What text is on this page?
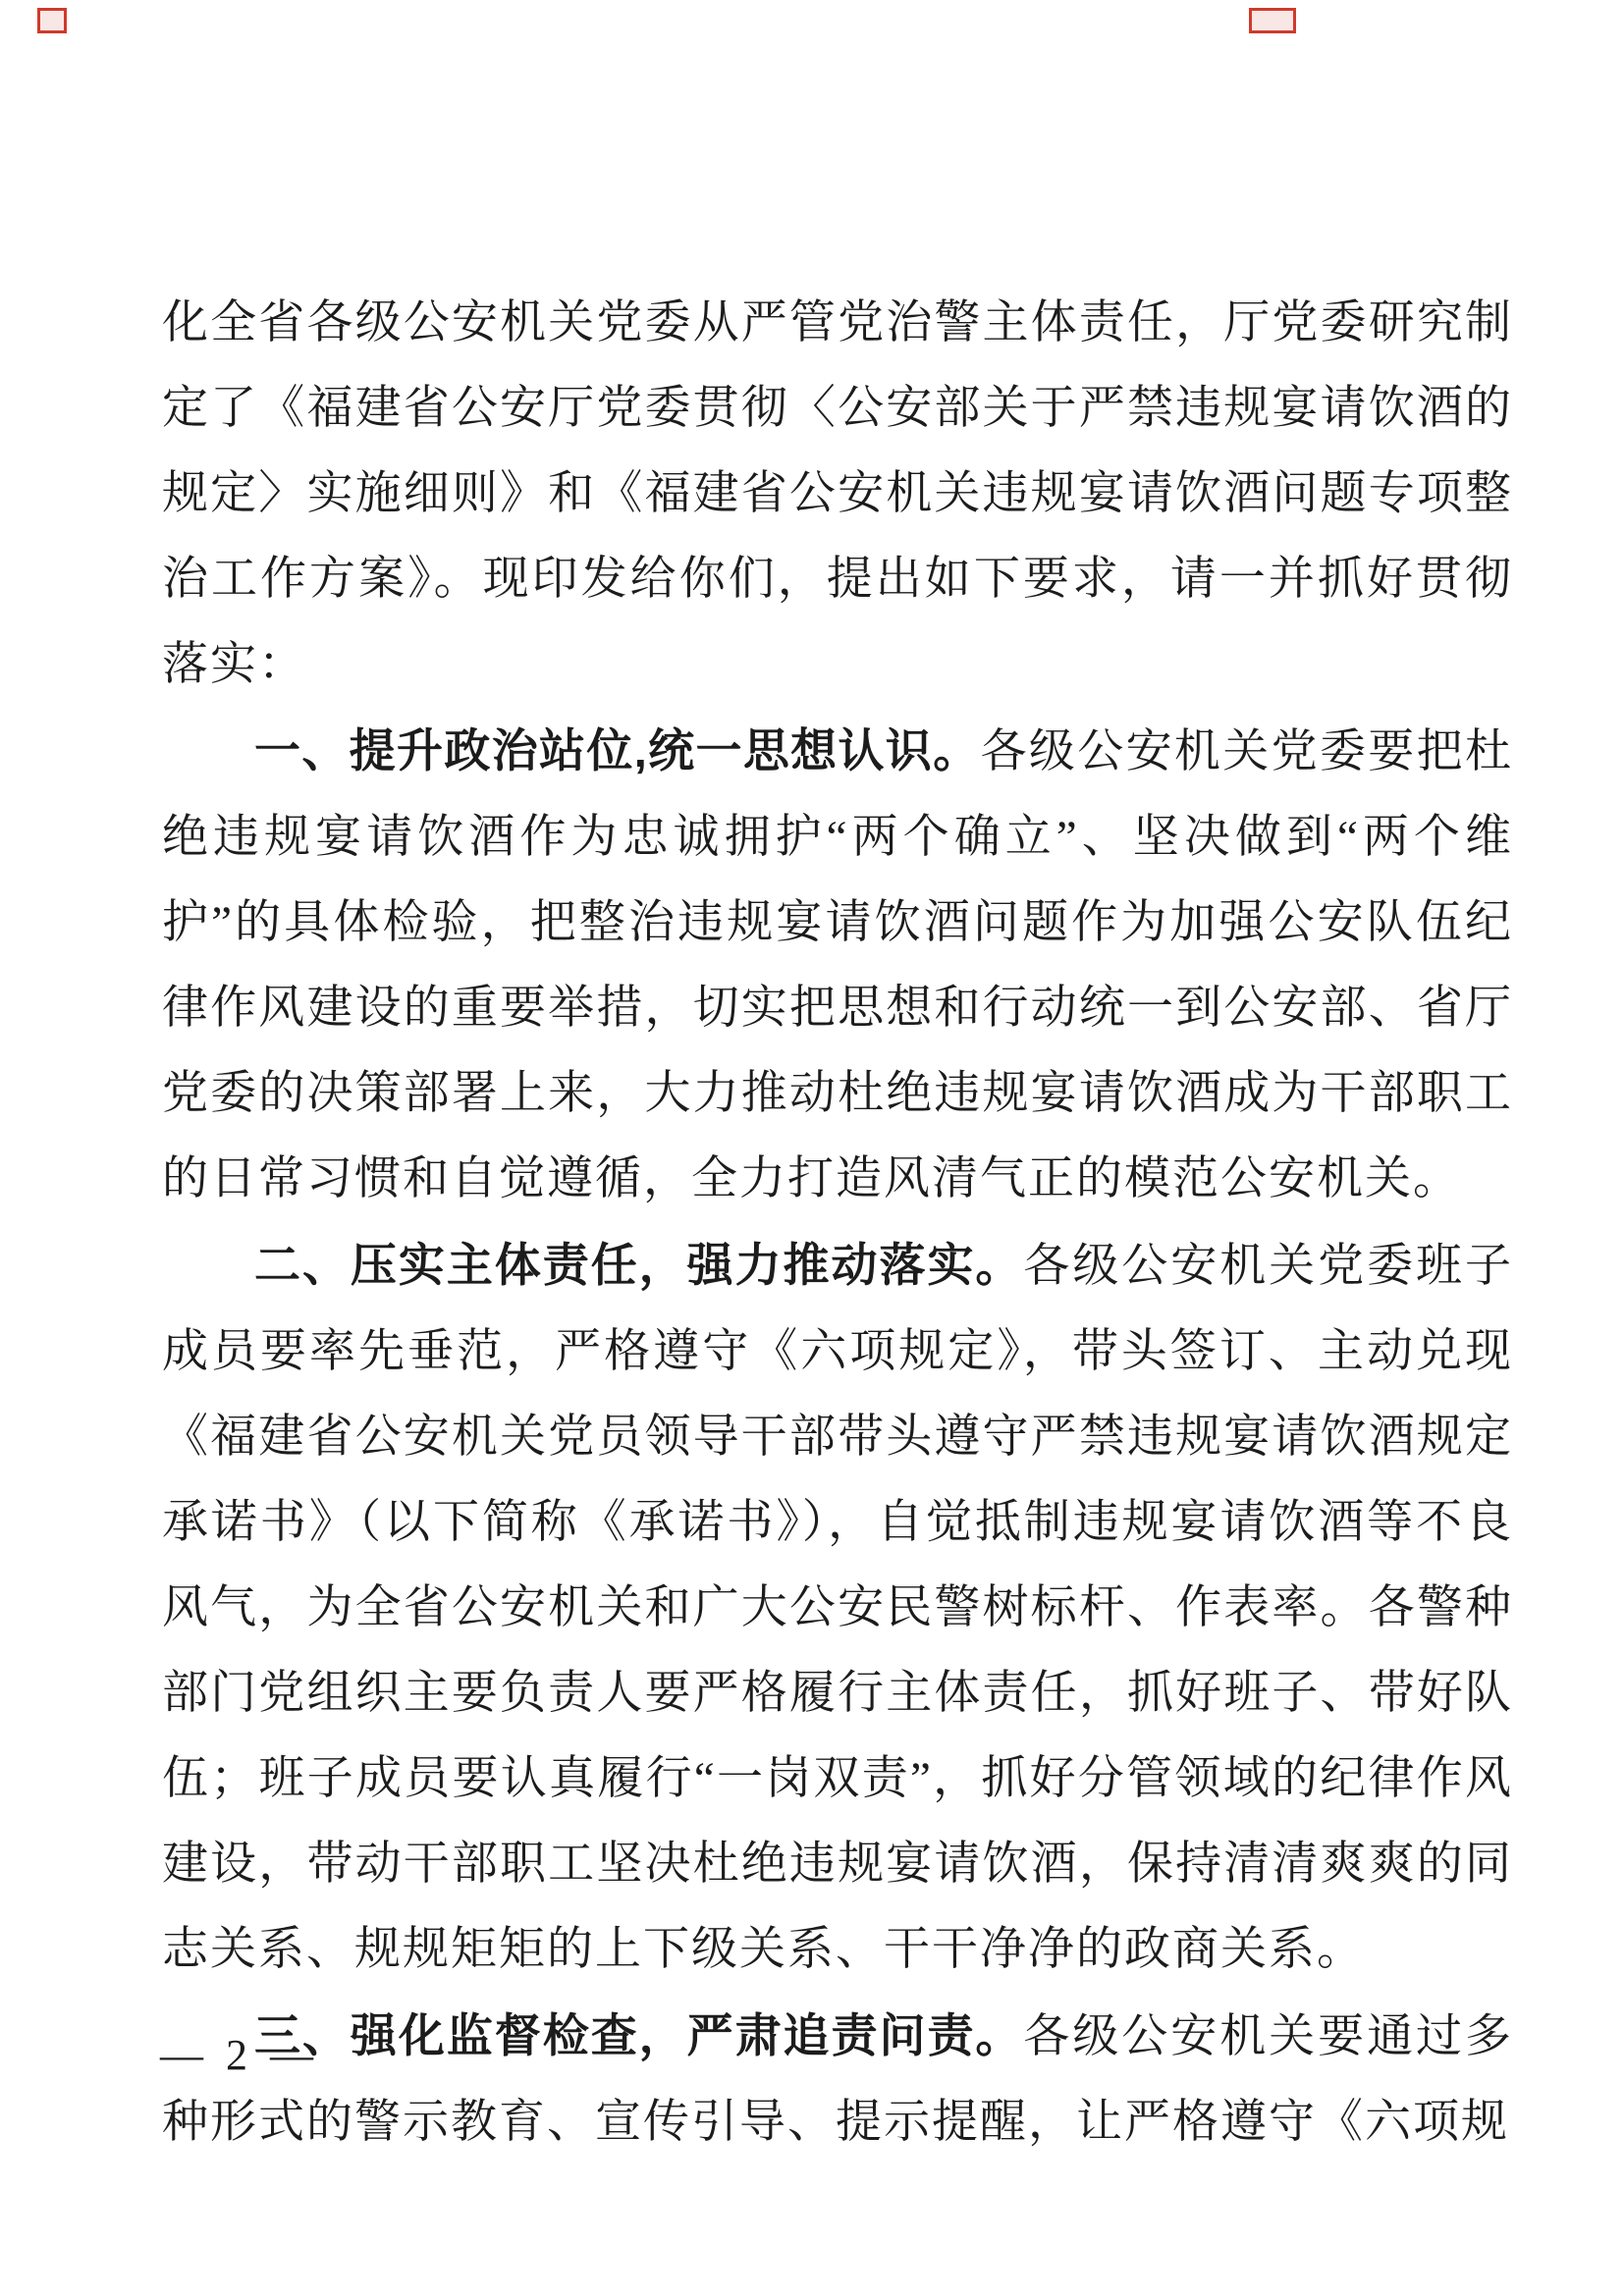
化全省各级公安机关党委从严管党治警主体责任，厅党委研究制定了《福建省公安厅党委贯彻〈公安部关于严禁违规宴请饮酒的规定〉实施细则》和《福建省公安机关违规宴请饮酒问题专项整治工作方案》。现印发给你们，提出如下要求，请一并抓好贯彻落实：

一、提升政治站位,统一思想认识。各级公安机关党委要把杜绝违规宴请饮酒作为忠诚拥护“两个确立”、坚决做到“两个维护”的具体检验，把整治违规宴请饮酒问题作为加强公安队伍纪律作风建设的重要举措，切实把思想和行动统一到公安部、省厅党委的决策部署上来，大力推动杜绝违规宴请饮酒成为干部职工的日常习惯和自觉遵循，全力打造风清气正的模范公安机关。

二、压实主体责任，强力推动落实。各级公安机关党委班子成员要率先垂范，严格遵守《六项规定》，带头签订、主动兑现《福建省公安机关党员领导干部带头遵守严禁违规宴请饮酒规定承诺书》（以下简称《承诺书》），自觉抵制违规宴请饮酒等不良风气，为全省公安机关和广大公安民警树标杆、作表率。各警种部门党组织主要负责人要严格履行主体责任，抓好班子、带好队伍；班子成员要认真履行“一岗双责”，抓好分管领域的纪律作风建设，带动干部职工坚决杜绝违规宴请饮酒，保持清清爽爽的同志关系、规规矩矩的上下级关系、干干净净的政商关系。

三、强化监督检查，严肃追责问责。各级公安机关要通过多种形式的警示教育、宣传引导、提示提醒，让严格遵守《六项规

— 2 —
